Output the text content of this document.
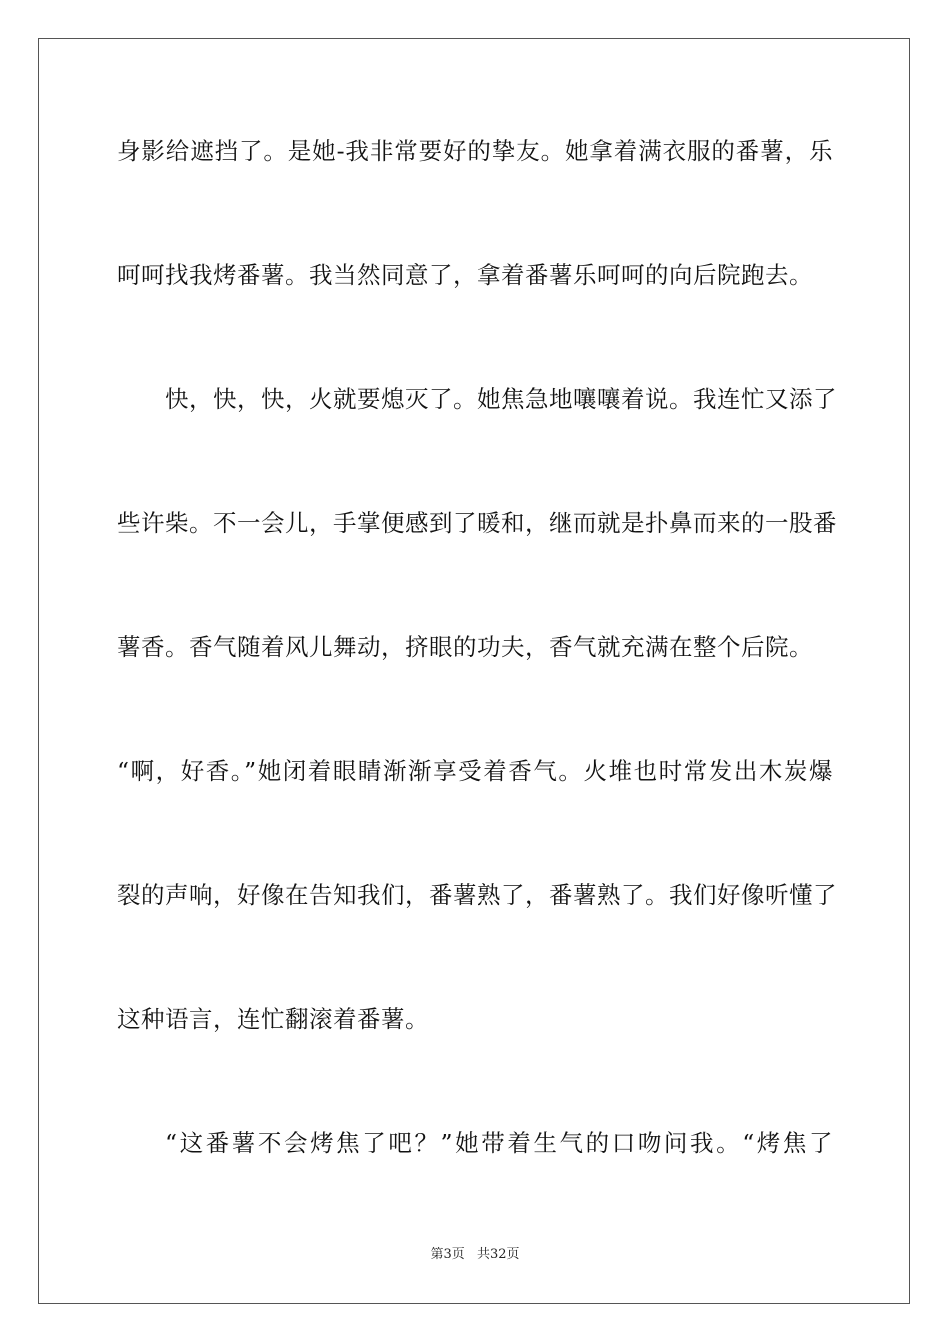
身影给遮挡了。是她-我非常要好的挚友。她拿着满衣服的番薯，乐
呵呵找我烤番薯。我当然同意了，拿着番薯乐呵呵的向后院跑去。
快，快，快，火就要熄灭了。她焦急地嚷嚷着说。我连忙又添了
些许柴。不一会儿，手掌便感到了暖和，继而就是扑鼻而来的一股番
薯香。香气随着风儿舞动，挤眼的功夫，香气就充满在整个后院。
“啊，好香。”她闭着眼睛渐渐享受着香气。火堆也时常发出木炭爆
裂的声响，好像在告知我们，番薯熟了，番薯熟了。我们好像听懂了
这种语言，连忙翻滚着番薯。
“这番薯不会烤焦了吧？”她带着生气的口吻问我。“烤焦了
第3页 共32页
